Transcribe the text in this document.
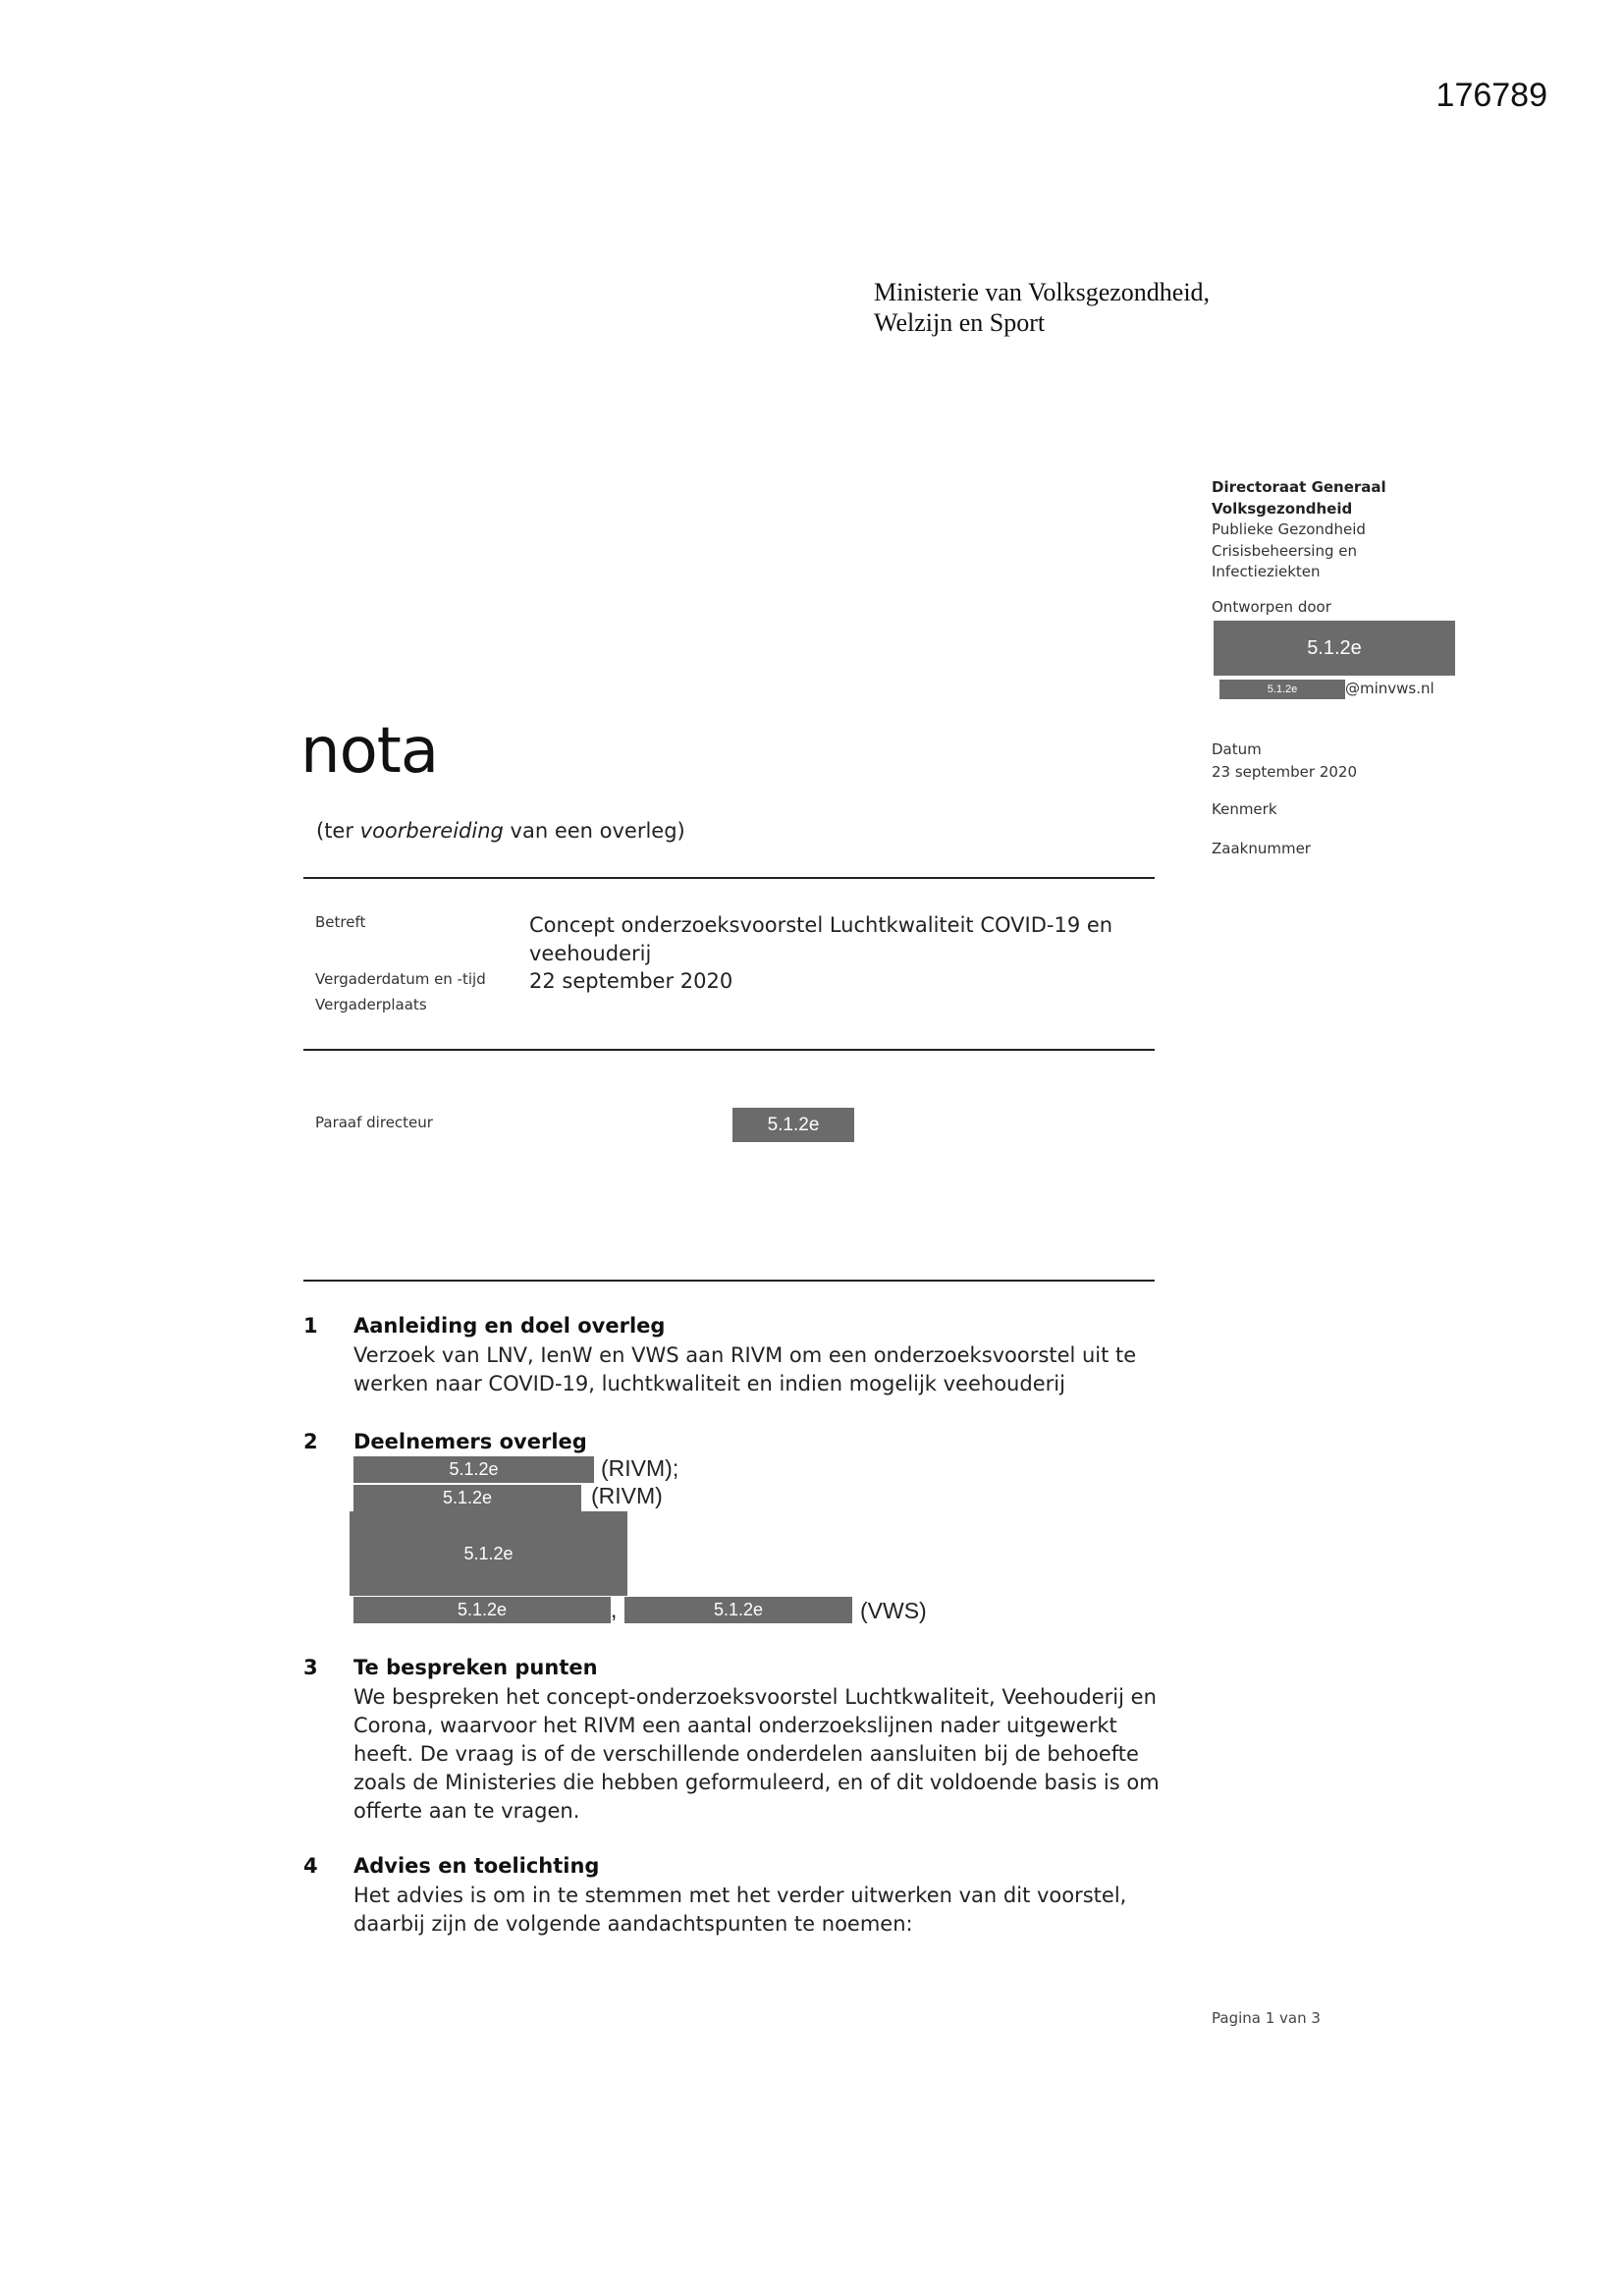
176789
Ministerie van Volksgezondheid,
Welzijn en Sport
Directoraat Generaal
Volksgezondheid
Publieke Gezondheid
Crisisbeheersing en
Infectieziekten
Ontworpen door
5.1.2e
5.1.2e	@minvws.nl
Datum
23 september 2020
Kenmerk
Zaaknummer
nota
(ter voorbereiding van een overleg)
Betreft	Concept onderzoeksvoorstel Luchtkwaliteit COVID-19 en
veehouderij
Vergaderdatum en -tijd 22 september 2020
Vergaderplaats
Paraaf directeur	5.1.2e
1 Aanleiding en doel overleg
Verzoek van LNV, IenW en VWS aan RIVM om een onderzoeksvoorstel uit te
werken naar COVID-19, luchtkwaliteit en indien mogelijk veehouderij
2 Deelnemers overleg
5.1.2e	(RIVM);
5.1.2e	(RIVM)
5.1.2e
5.1.2e	,	5.1.2e	(VWS)
3 Te bespreken punten
We bespreken het concept-onderzoeksvoorstel Luchtkwaliteit, Veehouderij en
Corona, waarvoor het RIVM een aantal onderzoekslijnen nader uitgewerkt
heeft. De vraag is of de verschillende onderdelen aansluiten bij de behoefte
zoals de Ministeries die hebben geformuleerd, en of dit voldoende basis is om
offerte aan te vragen.
4 Advies en toelichting
Het advies is om in te stemmen met het verder uitwerken van dit voorstel,
daarbij zijn de volgende aandachtspunten te noemen:
Pagina 1 van 3
